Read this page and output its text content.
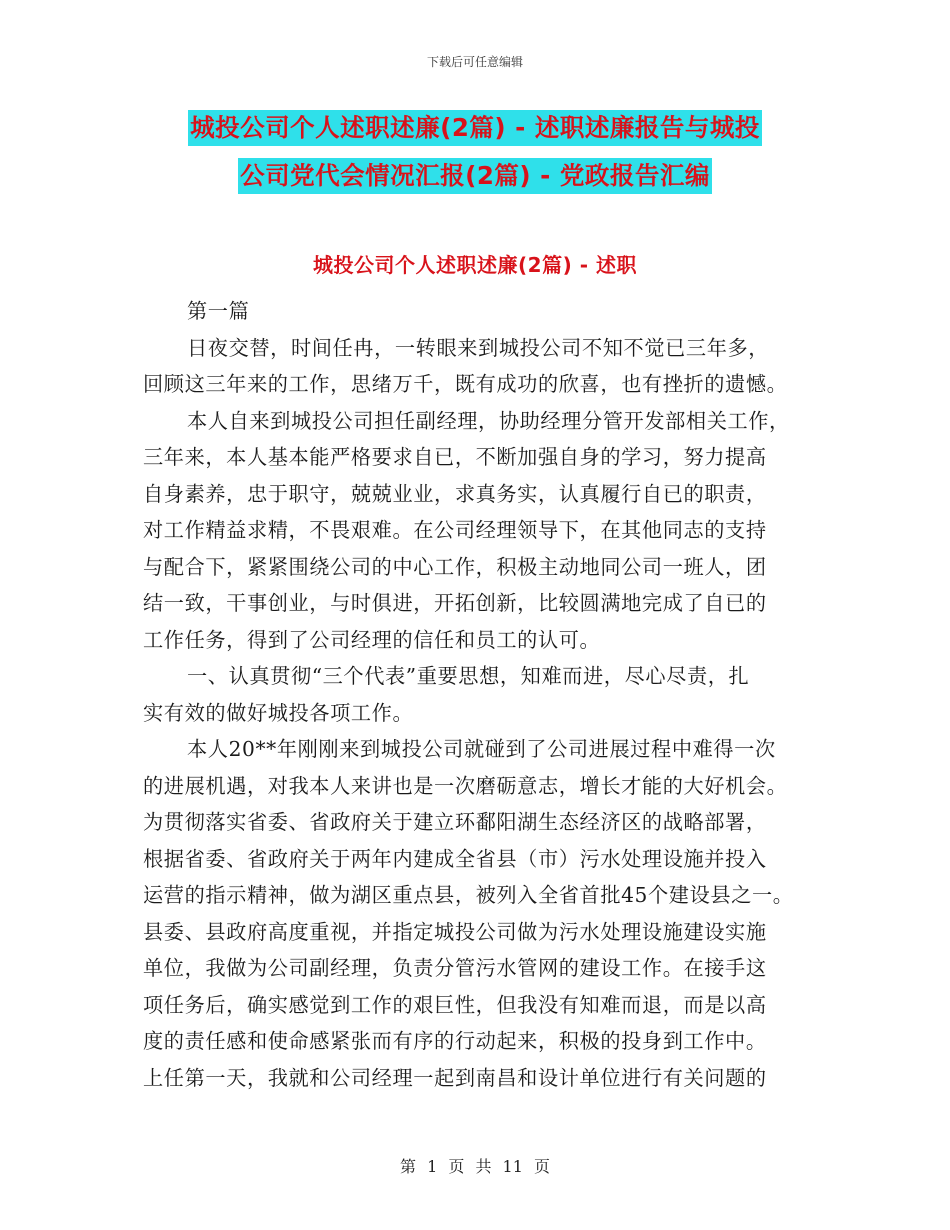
下载后可任意编辑
城投公司个人述职述廉(2篇) - 述职述廉报告与城投
公司党代会情况汇报(2篇) - 党政报告汇编
城投公司个人述职述廉(2篇) - 述职
第一篇
日夜交替，时间任冉，一转眼来到城投公司不知不觉已三年多，
回顾这三年来的工作，思绪万千，既有成功的欣喜，也有挫折的遗憾。
本人自来到城投公司担任副经理，协助经理分管开发部相关工作，
三年来，本人基本能严格要求自已，不断加强自身的学习，努力提高
自身素养，忠于职守，兢兢业业，求真务实，认真履行自已的职责，
对工作精益求精，不畏艰难。在公司经理领导下，在其他同志的支持
与配合下，紧紧围绕公司的中心工作，积极主动地同公司一班人，团
结一致，干事创业，与时俱进，开拓创新，比较圆满地完成了自已的
工作任务，得到了公司经理的信任和员工的认可。
一、认真贯彻“三个代表”重要思想，知难而进，尽心尽责，扎
实有效的做好城投各项工作。
本人20**年刚刚来到城投公司就碰到了公司进展过程中难得一次
的进展机遇，对我本人来讲也是一次磨砺意志，增长才能的大好机会。
为贯彻落实省委、省政府关于建立环鄱阳湖生态经济区的战略部署，
根据省委、省政府关于两年内建成全省县（市）污水处理设施并投入
运营的指示精神，做为湖区重点县，被列入全省首批45个建设县之一。
县委、县政府高度重视，并指定城投公司做为污水处理设施建设实施
单位，我做为公司副经理，负责分管污水管网的建设工作。在接手这
项任务后，确实感觉到工作的艰巨性，但我没有知难而退，而是以高
度的责任感和使命感紧张而有序的行动起来，积极的投身到工作中。
上任第一天，我就和公司经理一起到南昌和设计单位进行有关问题的
第 1 页 共 11 页
